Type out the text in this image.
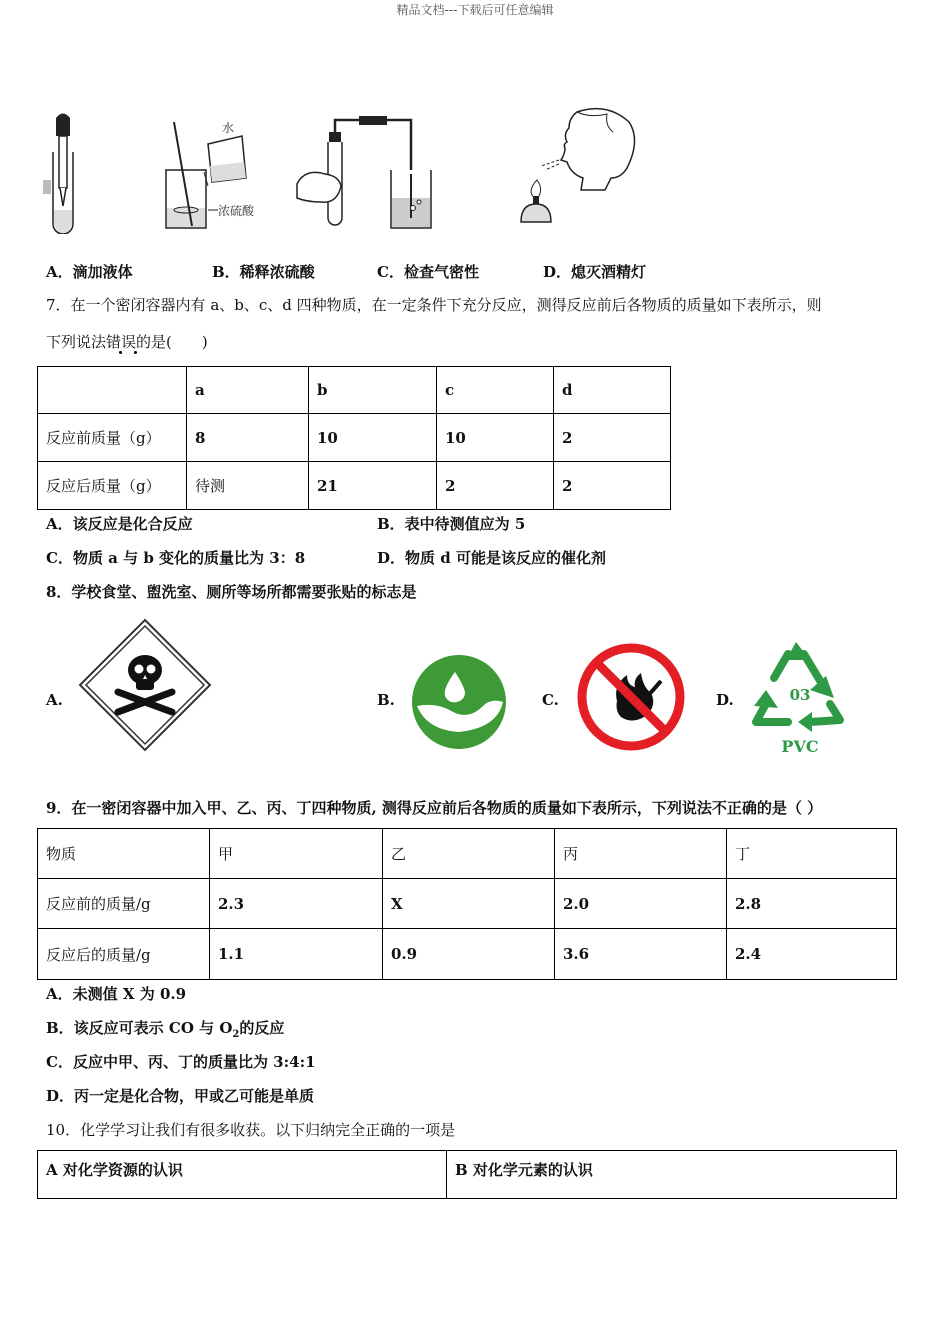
精品文档---下载后可任意编辑
水
浓硫酸
A．滴加液体	B．稀释浓硫酸	C．检查气密性	D．熄灭酒精灯
7．在一个密闭容器内有 a、b、c、d 四种物质，在一定条件下充分反应，测得反应前后各物质的质量如下表所示，则
下列说法错误的是(　　)
	a	b	c	d
反应前质量（g）	8	10	10	2
反应后质量（g）	待测	21	2	2
A．该反应是化合反应	B．表中待测值应为 5
C．物质 a 与 b 变化的质量比为 3：8	D．物质 d 可能是该反应的催化剂
8．学校食堂、盥洗室、厕所等场所都需要张贴的标志是
A.	B.	C.	D.	03
PVC
9．在一密闭容器中加入甲、乙、丙、丁四种物质, 测得反应前后各物质的质量如下表所示，下列说法不正确的是（ ）
物质	甲	乙	丙	丁
反应前的质量/g	2.3	X	2.0	2.8
反应后的质量/g	1.1	0.9	3.6	2.4
A．未测值 X 为 0.9
B．该反应可表示 CO 与 $O_2$的反应
C．反应中甲、丙、丁的质量比为 3:4:1
D．丙一定是化合物，甲或乙可能是单质
10．化学学习让我们有很多收获。以下归纳完全正确的一项是
A 对化学资源的认识	B 对化学元素的认识
